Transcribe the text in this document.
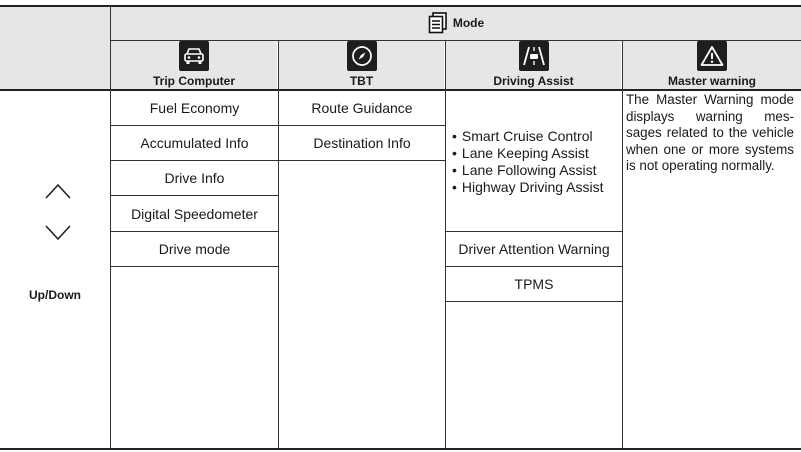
Mode
Trip Computer	TBT	Driving Assist	Master warning
Up/Down
Fuel Economy
Accumulated Info
Drive Info
Digital Speedometer
Drive mode
Route Guidance
Destination Info
•	Smart Cruise Control
• Lane Keeping Assist
• Lane Following Assist
• Highway Driving Assist
Driver Attention Warning
TPMS
The Master Warning mode displays warning mes-sages related to the vehicle when one or more systems is not operating normally.
